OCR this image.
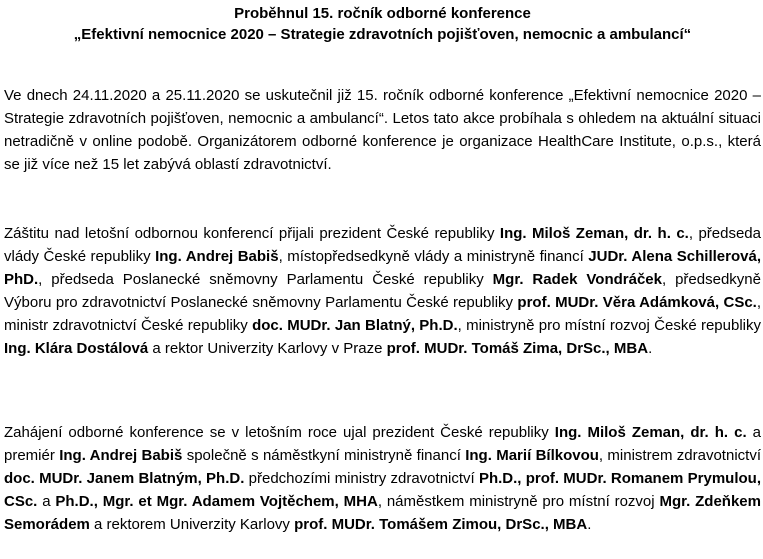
Proběhnul 15. ročník odborné konference

„Efektivní nemocnice 2020 – Strategie zdravotních pojišťoven, nemocnic a ambulancí“

Ve dnech 24.11.2020 a 25.11.2020 se uskutečnil již 15. ročník odborné konference „Efektivní nemocnice 2020 – Strategie zdravotních pojišťoven, nemocnic a ambulancí“. Letos tato akce probíhala s ohledem na aktuální situaci netradičně v online podobě. Organizátorem odborné konference je organizace HealthCare Institute, o.p.s., která se již více než 15 let zabývá oblastí zdravotnictví.

Záštitu nad letošní odbornou konferencí přijali prezident České republiky Ing. Miloš Zeman, dr. h. c., předseda vlády České republiky Ing. Andrej Babiš, místopředsedkyně vlády a ministryně financí JUDr. Alena Schillerová, PhD., předseda Poslanecké sněmovny Parlamentu České republiky Mgr. Radek Vondráček, předsedkyně Výboru pro zdravotnictví Poslanecké sněmovny Parlamentu České republiky prof. MUDr. Věra Adámková, CSc., ministr zdravotnictví České republiky doc. MUDr. Jan Blatný, Ph.D., ministryně pro místní rozvoj České republiky Ing. Klára Dostálová a rektor Univerzity Karlovy v Praze prof. MUDr. Tomáš Zima, DrSc., MBA.

Zahájení odborné konference se v letošním roce ujal prezident České republiky Ing. Miloš Zeman, dr. h. c. a premiér Ing. Andrej Babiš společně s náměstkyní ministryně financí Ing. Marií Bílkovou, ministrem zdravotnictví doc. MUDr. Janem Blatným, Ph.D. předchozími ministry zdravotnictví Ph.D., prof. MUDr. Romanem Prymulou, CSc. a Ph.D., Mgr. et Mgr. Adamem Vojtěchem, MHA, náměstkem ministryně pro místní rozvoj Mgr. Zdeňkem Semorádem a rektorem Univerzity Karlovy prof. MUDr. Tomášem Zimou, DrSc., MBA.
